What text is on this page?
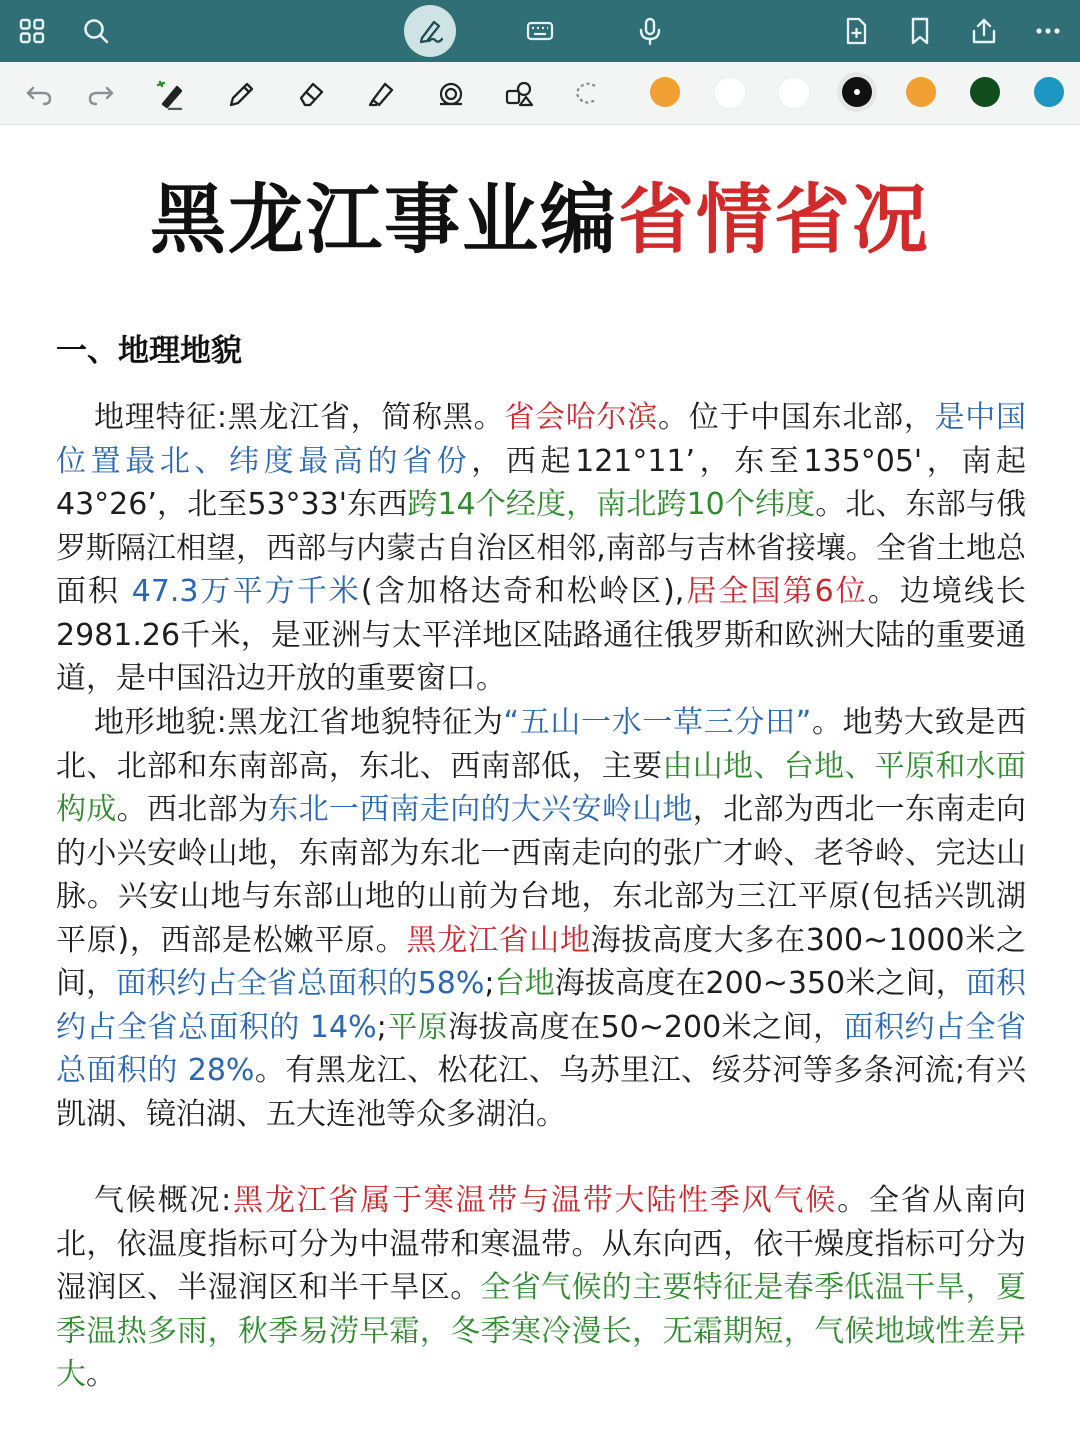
黑龙江事业编省情省况
一、地理地貌

地理特征:黑龙江省，简称黑。省会哈尔滨。位于中国东北部，是中国位置最北、纬度最高的省份，西起121°11’，东至135°05'，南起43°26’，北至53°33'东西跨14个经度，南北跨10个纬度。北、东部与俄罗斯隔江相望，西部与内蒙古自治区相邻,南部与吉林省接壤。全省土地总面积 47.3万平方千米(含加格达奇和松岭区),居全国第6位。边境线长2981.26千米，是亚洲与太平洋地区陆路通往俄罗斯和欧洲大陆的重要通道，是中国沿边开放的重要窗口。

地形地貌:黑龙江省地貌特征为“五山一水一草三分田”。地势大致是西北、北部和东南部高，东北、西南部低，主要由山地、台地、平原和水面构成。西北部为东北一西南走向的大兴安岭山地，北部为西北一东南走向的小兴安岭山地，东南部为东北一西南走向的张广才岭、老爷岭、完达山脉。兴安山地与东部山地的山前为台地，东北部为三江平原(包括兴凯湖平原)，西部是松嫩平原。黑龙江省山地海拔高度大多在300~1000米之间，面积约占全省总面积的58%;台地海拔高度在200~350米之间，面积约占全省总面积的 14%;平原海拔高度在50~200米之间，面积约占全省总面积的 28%。有黑龙江、松花江、乌苏里江、绥芬河等多条河流;有兴凯湖、镜泊湖、五大连池等众多湖泊。

气候概况:黑龙江省属于寒温带与温带大陆性季风气候。全省从南向北，依温度指标可分为中温带和寒温带。从东向西，依干燥度指标可分为湿润区、半湿润区和半干旱区。全省气候的主要特征是春季低温干旱，夏季温热多雨，秋季易涝早霜，冬季寒冷漫长，无霜期短，气候地域性差异大。
